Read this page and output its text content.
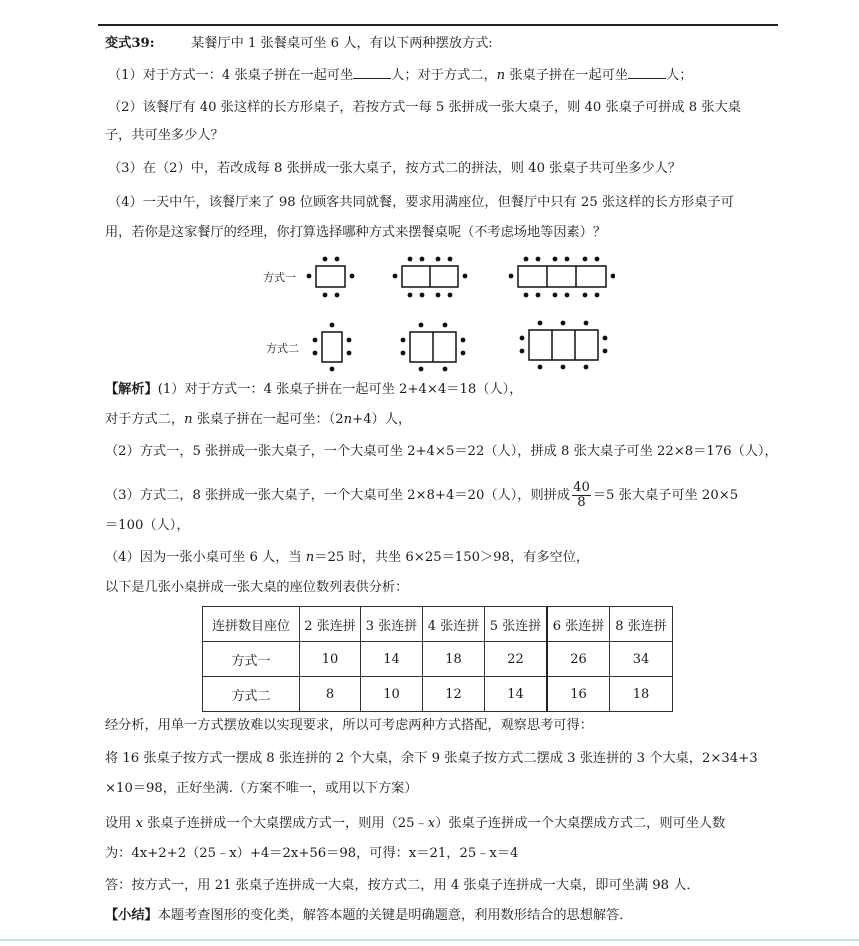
变式39:	某餐厅中 1 张餐桌可坐 6 人，有以下两种摆放方式:
（1）对于方式一：4 张桌子拼在一起可坐	人；对于方式二，n 张桌子拼在一起可坐	人；
（2）该餐厅有 40 张这样的长方形桌子，若按方式一每 5 张拼成一张大桌子，则 40 张桌子可拼成 8 张大桌
子，共可坐多少人？
（3）在（2）中，若改成每 8 张拼成一张大桌子，按方式二的拼法，则 40 张桌子共可坐多少人？
（4）一天中午，该餐厅来了 98 位顾客共同就餐，要求用满座位，但餐厅中只有 25 张这样的长方形桌子可
用，若你是这家餐厅的经理，你打算选择哪种方式来摆餐桌呢（不考虑场地等因素）？
方式一
方式二
【解析】(1）对于方式一：4 张桌子拼在一起可坐 2+4×4＝18（人），
对于方式二，n 张桌子拼在一起可坐：（2n+4）人，
（2）方式一，5 张拼成一张大桌子，一个大桌可坐 2+4×5＝22（人），拼成 8 张大桌子可坐 22×8＝176（人），
（3）方式二，8 张拼成一张大桌子，一个大桌可坐 2×8+4＝20（人），则拼成 $\frac{40}{8} =5$ 张大桌子可坐 20×5
＝100（人），
（4）因为一张小桌可坐 6 人，当 n＝25 时，共坐 6×25＝150＞98，有多空位，
以下是几张小桌拼成一张大桌的座位数列表供分析：
连拼数目座位	2 张连拼	3 张连拼	4 张连拼	5 张连拼	6 张连拼	8 张连拼
方式一	10	14	18	22	26	34
方式二	8	10	12	14	16	18
经分析，用单一方式摆放难以实现要求，所以可考虑两种方式搭配，观察思考可得：
将 16 张桌子按方式一摆成 8 张连拼的 2 个大桌，余下 9 张桌子按方式二摆成 3 张连拼的 3 个大桌，2×34+3
×10＝98，正好坐满.（方案不唯一，或用以下方案）
设用 x 张桌子连拼成一个大桌摆成方式一，则用（25﹣x）张桌子连拼成一个大桌摆成方式二，则可坐人数
为：4x+2+2（25﹣x）+4＝2x+56＝98，可得：x＝21，25﹣x＝4
答：按方式一，用 21 张桌子连拼成一大桌，按方式二，用 4 张桌子连拼成一大桌，即可坐满 98 人．
【小结】本题考查图形的变化类，解答本题的关键是明确题意，利用数形结合的思想解答．
